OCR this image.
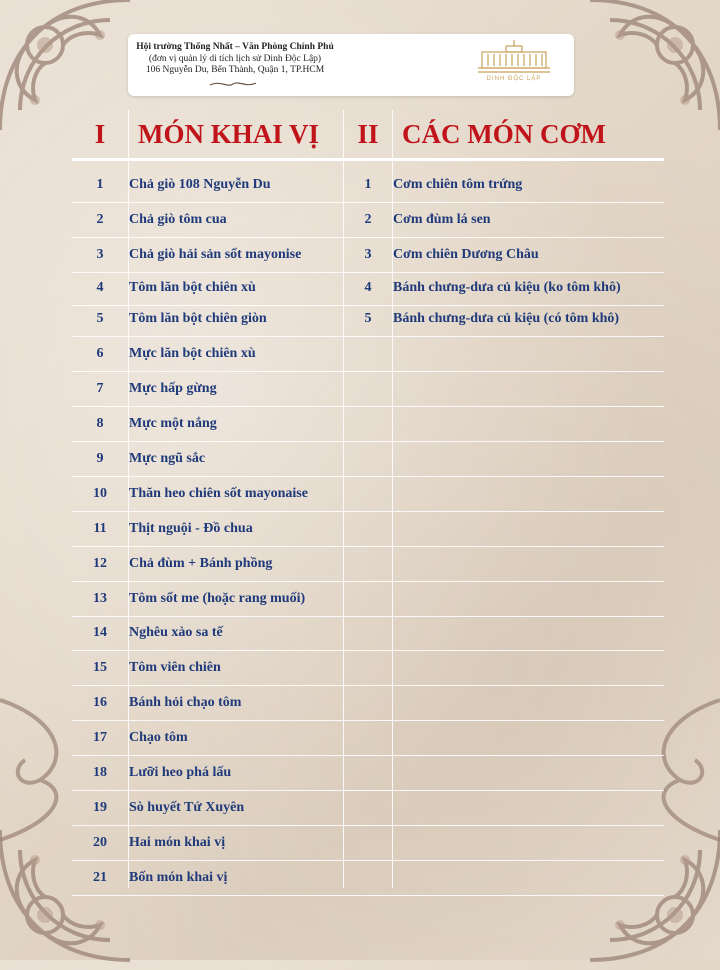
Hội trường Thống Nhất – Văn Phòng Chính Phủ
(đơn vị quản lý di tích lịch sử Dinh Độc Lập)
106 Nguyễn Du, Bến Thành, Quận 1, TP.HCM
DINH ĐỘC LẬP
I	MÓN KHAI VỊ	II CÁC MÓN CƠM
1	Chả giò 108 Nguyễn Du	1	Cơm chiên tôm trứng
2	Chả giò tôm cua	2	Cơm đùm lá sen
3	Chả giò hải sản sốt mayonise	3	Cơm chiên Dương Châu
4	Tôm lăn bột chiên xù	4	Bánh chưng-dưa củ kiệu (ko tôm khô)
5	Tôm lăn bột chiên giòn	5	Bánh chưng-dưa củ kiệu (có tôm khô)
6	Mực lăn bột chiên xù
7	Mực hấp gừng
8	Mực một nắng
9	Mực ngũ sắc
10	Thăn heo chiên sốt mayonaise
11	Thịt nguội - Đồ chua
12	Chả đùm + Bánh phồng
13	Tôm sốt me (hoặc rang muối)
14	Nghêu xào sa tế
15	Tôm viên chiên
16	Bánh hỏi chạo tôm
17	Chạo tôm
18	Lưỡi heo phá lấu
19	Sò huyết Tứ Xuyên
20	Hai món khai vị
21	Bốn món khai vị
